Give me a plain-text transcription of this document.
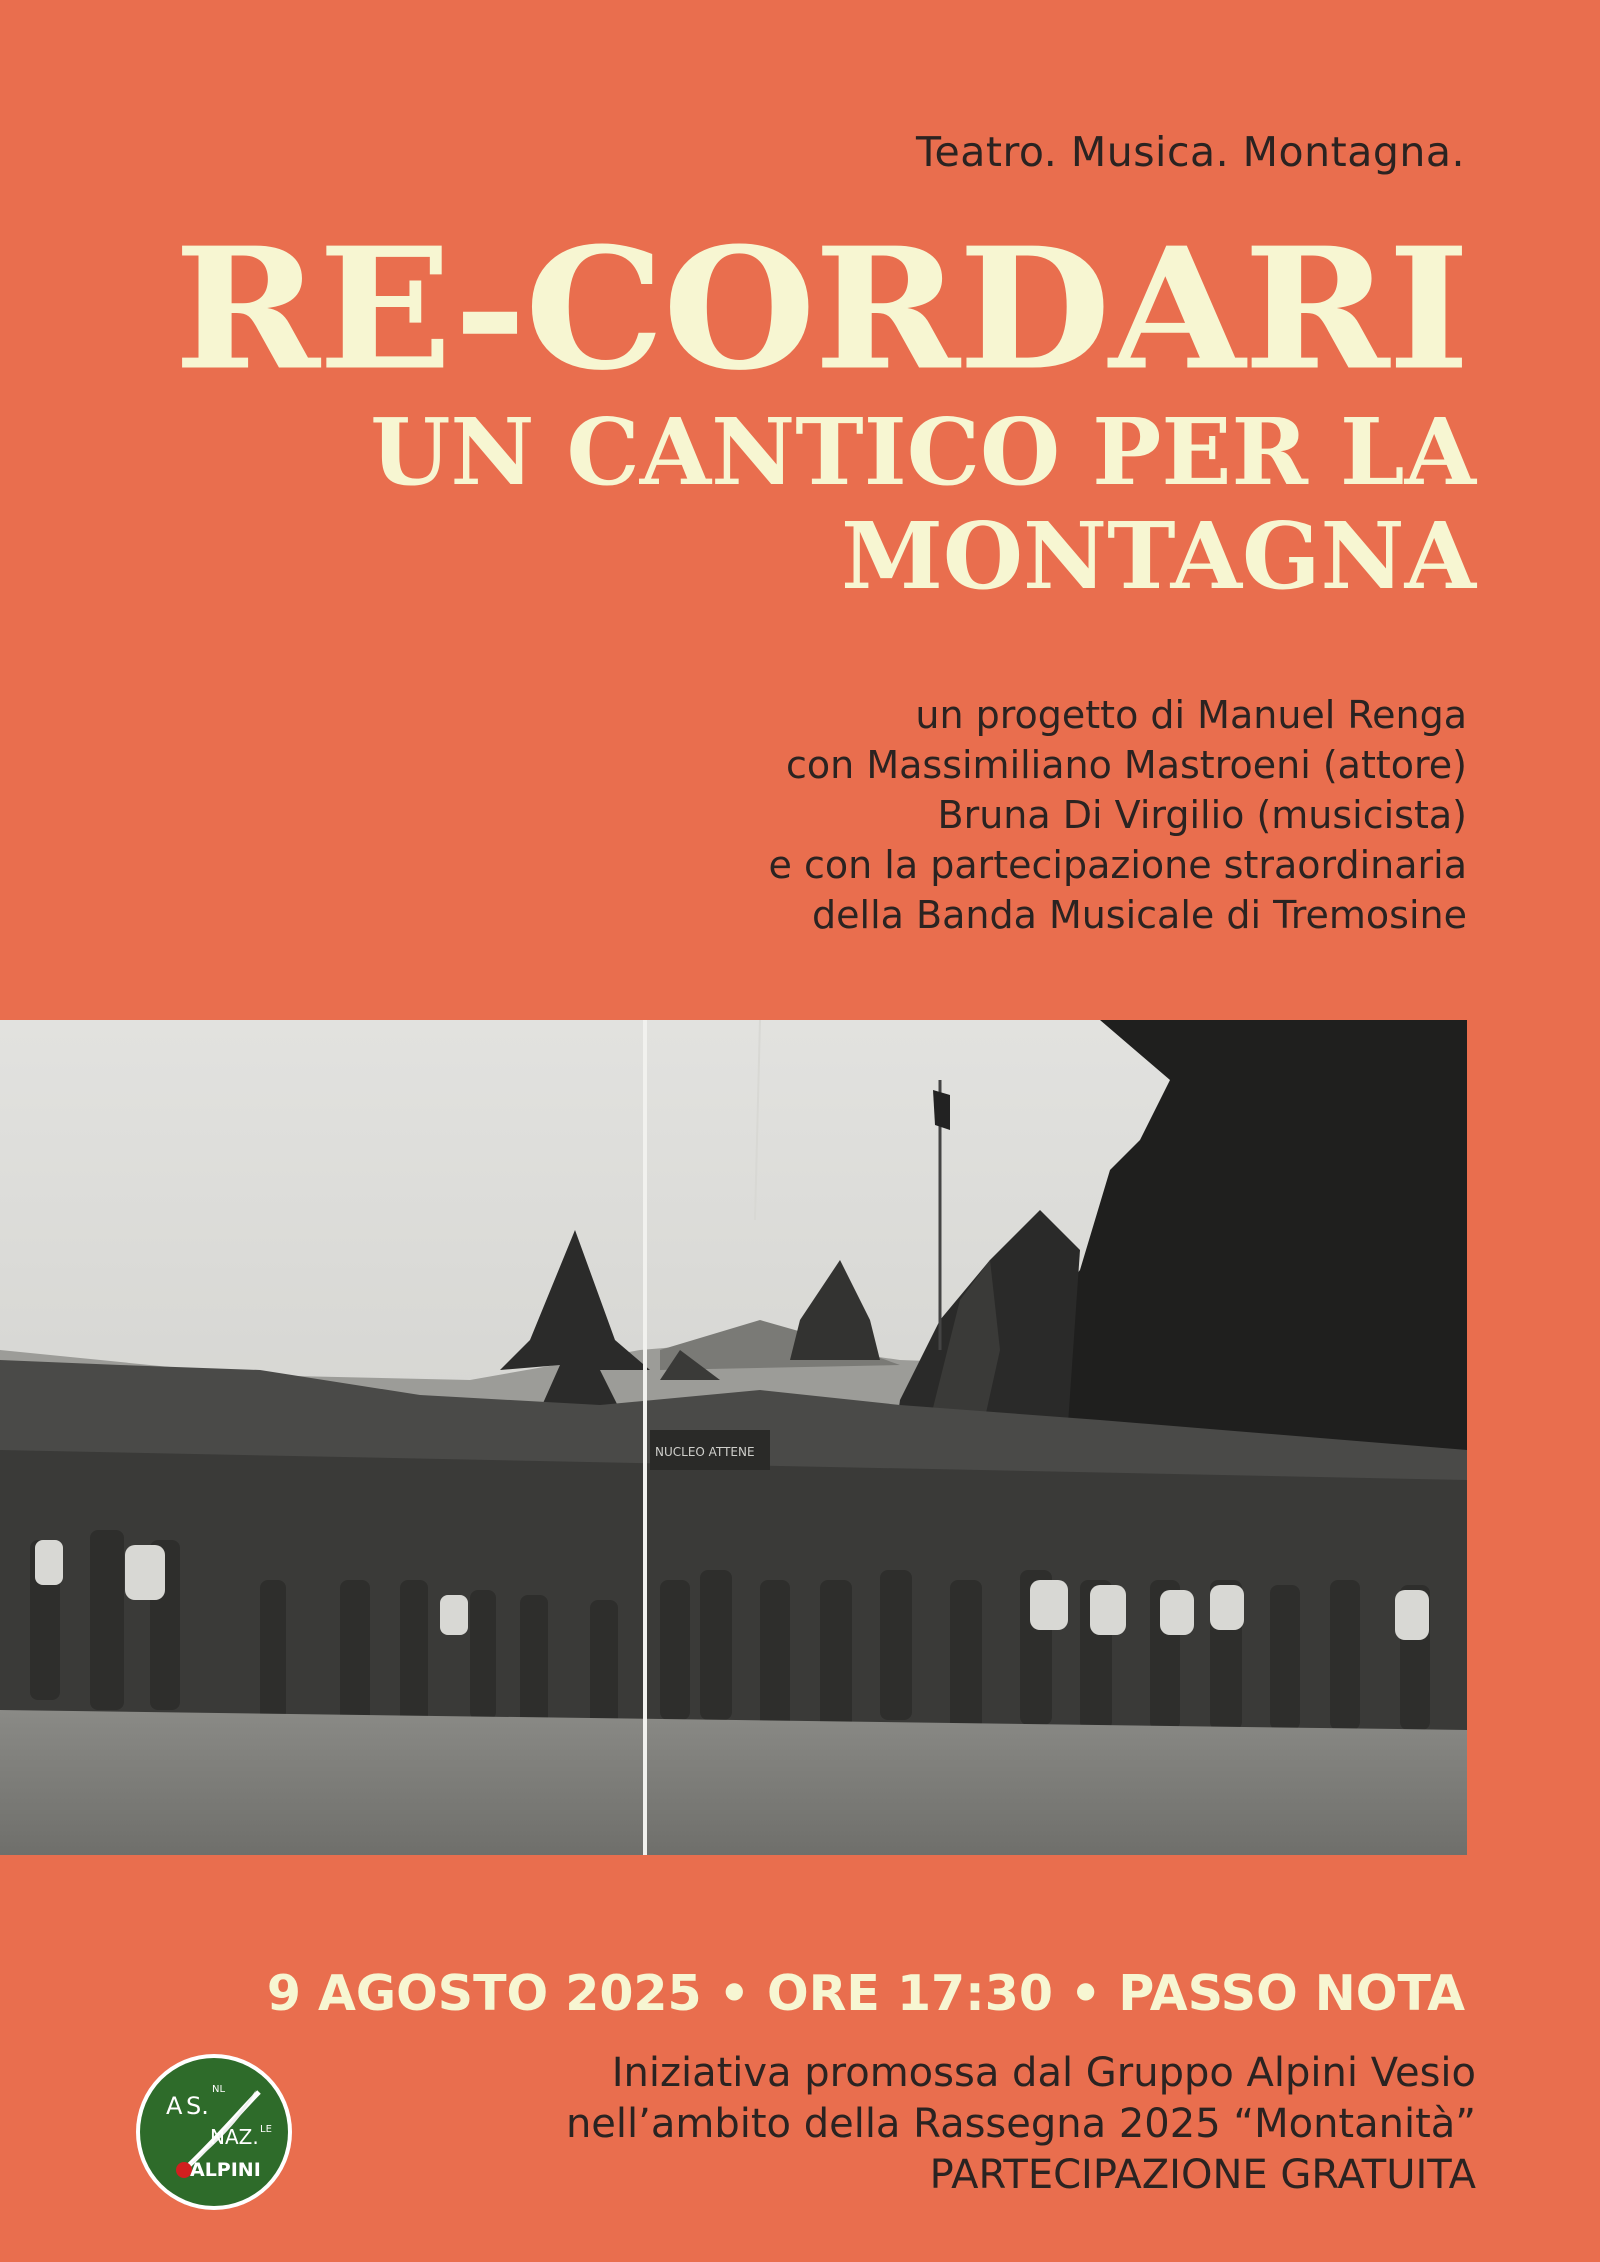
Teatro. Musica. Montagna.
RE-CORDARI
UN CANTICO PER LA
MONTAGNA
un progetto di Manuel Renga
con Massimiliano Mastroeni (attore)
Bruna Di Virgilio (musicista)
e con la partecipazione straordinaria
della Banda Musicale di Tremosine
NUCLEO ATTENE
9 AGOSTO 2025 • ORE 17:30 • PASSO NOTA
Iniziativa promossa dal Gruppo Alpini Vesio
nell’ambito della Rassegna 2025 “Montanità”
PARTECIPAZIONE GRATUITA
A S.
NL
NAZ. LE
ALPINI
